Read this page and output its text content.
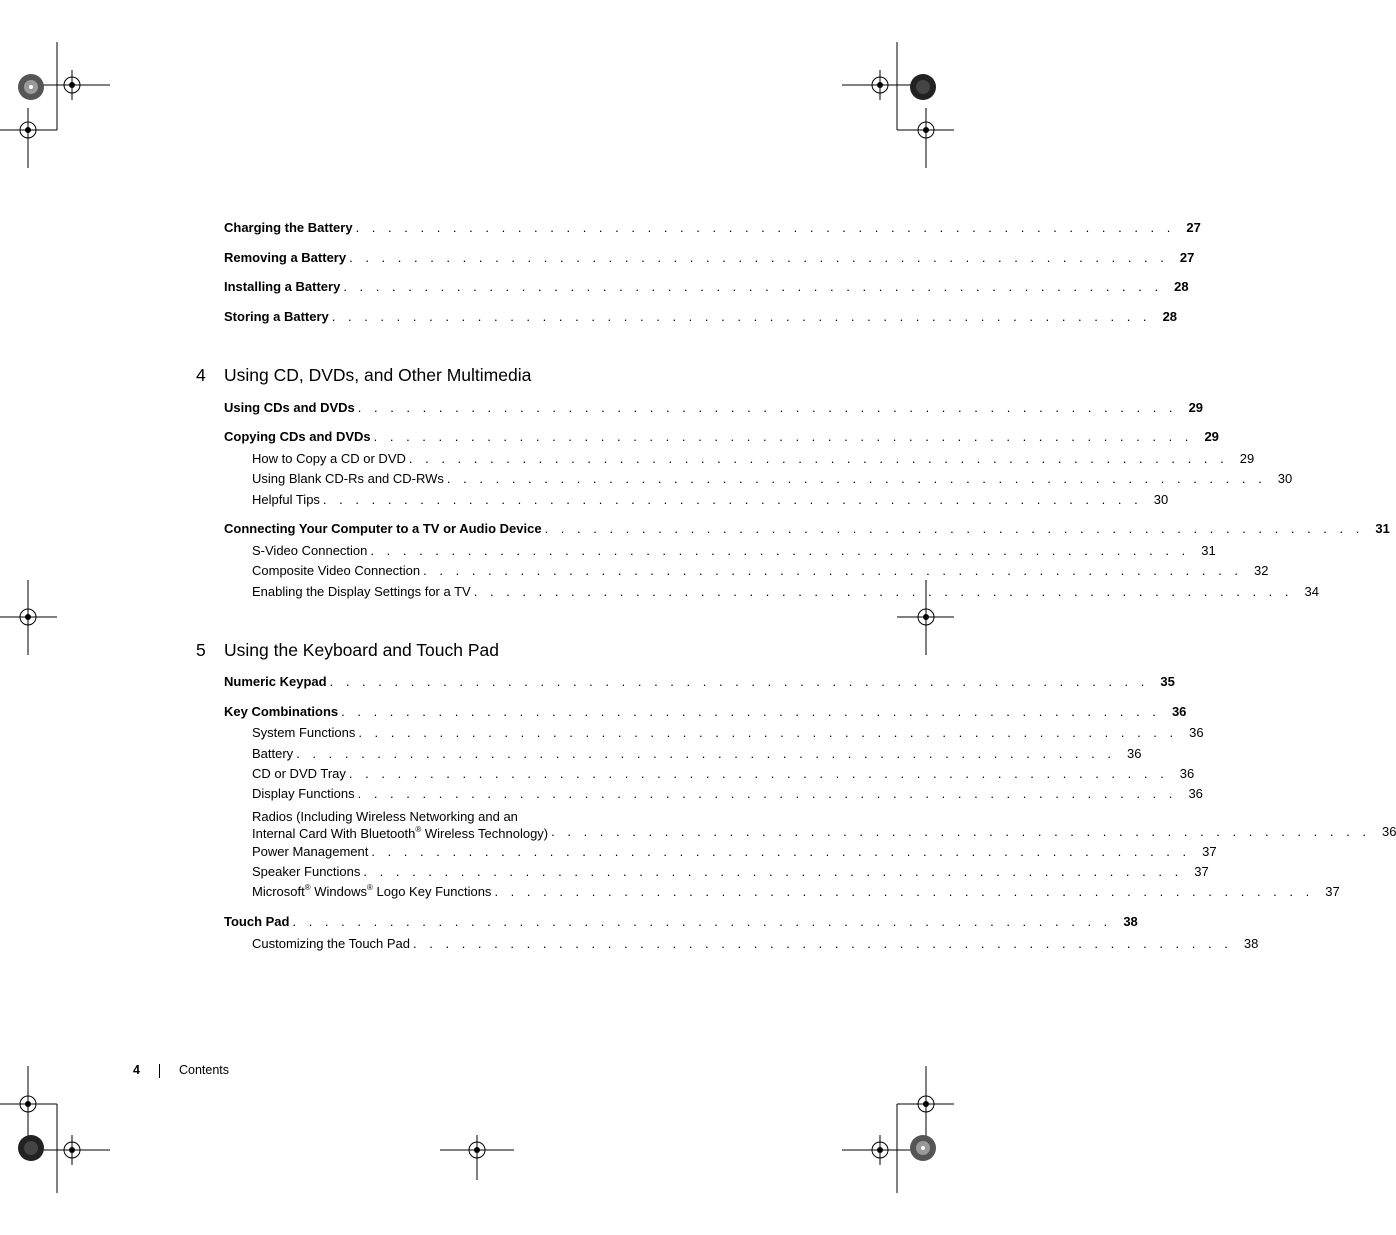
Charging the Battery . . . . . . . . . . . . . . . . . . . . . . . . . . . . . . . . . . . . . . . . . . . . . . . . . . . 27
Removing a Battery . . . . . . . . . . . . . . . . . . . . . . . . . . . . . . . . . . . . . . . . . . . . . . . . . . . 27
Installing a Battery . . . . . . . . . . . . . . . . . . . . . . . . . . . . . . . . . . . . . . . . . . . . . . . . . . . 28
Storing a Battery . . . . . . . . . . . . . . . . . . . . . . . . . . . . . . . . . . . . . . . . . . . . . . . . . . . 28
4 Using CD, DVDs, and Other Multimedia
Using CDs and DVDs . . . . . . . . . . . . . . . . . . . . . . . . . . . . . . . . . . . . . . . . . . . . . . . . . . . 29
Copying CDs and DVDs . . . . . . . . . . . . . . . . . . . . . . . . . . . . . . . . . . . . . . . . . . . . . . . . . . . 29
How to Copy a CD or DVD . . . . . . . . . . . . . . . . . . . . . . . . . . . . . . . . . . . . . . . . . . . . . . . . . . . 29
Using Blank CD-Rs and CD-RWs . . . . . . . . . . . . . . . . . . . . . . . . . . . . . . . . . . . . . . . . . . . . . . . . . . . 30
Helpful Tips . . . . . . . . . . . . . . . . . . . . . . . . . . . . . . . . . . . . . . . . . . . . . . . . . . . 30
Connecting Your Computer to a TV or Audio Device . . . . . . . . . . . . . . . . . . . . . . . . . . . . . . . . . . . . . . . . . . . . . . . . . . . 31
S-Video Connection . . . . . . . . . . . . . . . . . . . . . . . . . . . . . . . . . . . . . . . . . . . . . . . . . . . 31
Composite Video Connection . . . . . . . . . . . . . . . . . . . . . . . . . . . . . . . . . . . . . . . . . . . . . . . . . . . 32
Enabling the Display Settings for a TV . . . . . . . . . . . . . . . . . . . . . . . . . . . . . . . . . . . . . . . . . . . . . . . . . . . 34
5 Using the Keyboard and Touch Pad
Numeric Keypad . . . . . . . . . . . . . . . . . . . . . . . . . . . . . . . . . . . . . . . . . . . . . . . . . . . 35
Key Combinations . . . . . . . . . . . . . . . . . . . . . . . . . . . . . . . . . . . . . . . . . . . . . . . . . . . 36
System Functions . . . . . . . . . . . . . . . . . . . . . . . . . . . . . . . . . . . . . . . . . . . . . . . . . . . 36
Battery . . . . . . . . . . . . . . . . . . . . . . . . . . . . . . . . . . . . . . . . . . . . . . . . . . . 36
CD or DVD Tray . . . . . . . . . . . . . . . . . . . . . . . . . . . . . . . . . . . . . . . . . . . . . . . . . . . 36
Display Functions . . . . . . . . . . . . . . . . . . . . . . . . . . . . . . . . . . . . . . . . . . . . . . . . . . . 36
Radios (Including Wireless Networking and an
Internal Card With Bluetooth® Wireless Technology) . . . . . . . . . . . . . . . . . . . . . . . . . . . . . . . . . . . . . . . . . . . . . . . . . . . 36
Power Management . . . . . . . . . . . . . . . . . . . . . . . . . . . . . . . . . . . . . . . . . . . . . . . . . . . 37
Speaker Functions . . . . . . . . . . . . . . . . . . . . . . . . . . . . . . . . . . . . . . . . . . . . . . . . . . . 37
Microsoft® Windows® Logo Key Functions . . . . . . . . . . . . . . . . . . . . . . . . . . . . . . . . . . . . . . . . . . . . . . . . . . . 37
Touch Pad . . . . . . . . . . . . . . . . . . . . . . . . . . . . . . . . . . . . . . . . . . . . . . . . . . . 38
Customizing the Touch Pad . . . . . . . . . . . . . . . . . . . . . . . . . . . . . . . . . . . . . . . . . . . . . . . . . . . 38
4	Contents
